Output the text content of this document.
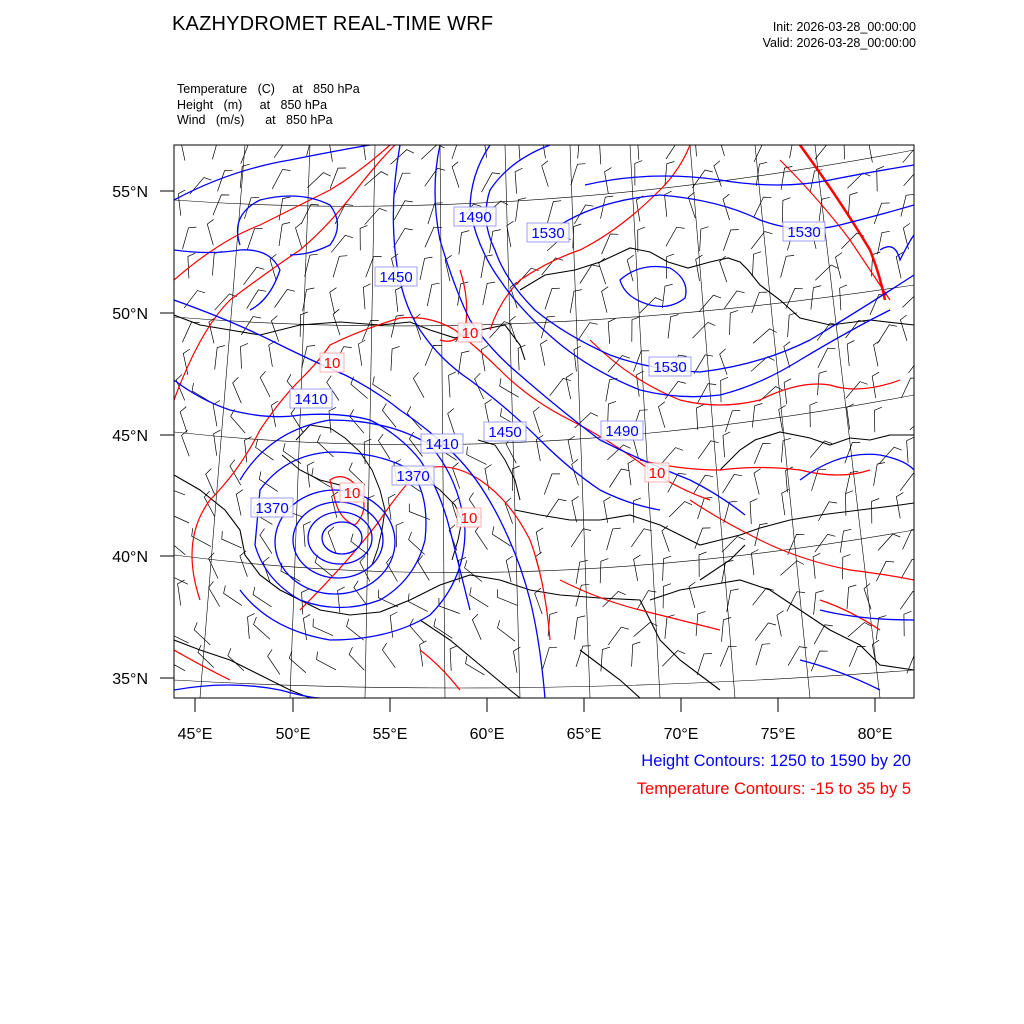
KAZHYDROMET REAL-TIME WRF	Init: 2026-03-28_00:00:00
Valid: 2026-03-28_00:00:00
Temperature   (C)     at   850 hPa
Height   (m)     at   850 hPa
Wind   (m/s)      at   850 hPa
1490
1530
1450
1530
1530
1410
1410
1450	1490
1370
1370
10
10
10
10
10
55°N
50°N
45°N
40°N
35°N
45°E	50°E	55°E	60°E	65°E	70°E	75°E	80°E
Height Contours: 1250 to 1590 by 20
Temperature Contours: -15 to 35 by 5
